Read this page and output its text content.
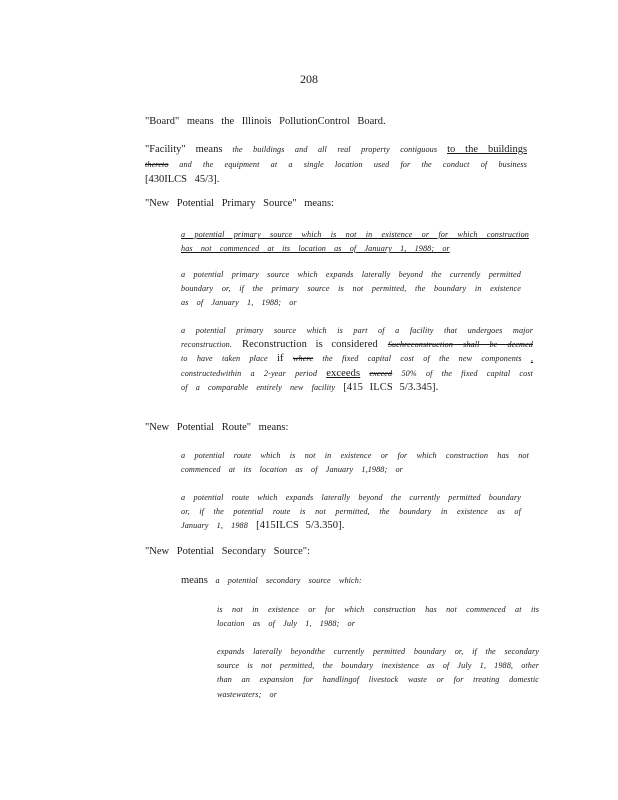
208
"Board" means the Illinois PollutionControl Board.
"Facility" means the buildings and all real property contiguous to the buildings thereto and the equipment at a single location used for the conduct of business [430ILCS 45/3].
"New Potential Primary Source" means:
a potential primary source which is not in existence or for which construction has not commenced at its location as of January 1, 1988; or
a potential primary source which expands laterally beyond the currently permitted boundary or, if the primary source is not permitted, the boundary in existence as of January 1, 1988; or
a potential primary source which is part of a facility that undergoes major reconstruction. Reconstruction is considered Suchreconstruction shall be deemed to have taken place if where the fixed capital cost of the new components , constructedwithin a 2-year period exceeds exceed 50% of the fixed capital cost of a comparable entirely new facility [415 ILCS 5/3.345].
"New Potential Route" means:
a potential route which is not in existence or for which construction has not commenced at its location as of January 1,1988; or
a potential route which expands laterally beyond the currently permitted boundary or, if the potential route is not permitted, the boundary in existence as of January 1, 1988 [415ILCS 5/3.350].
"New Potential Secondary Source":
means a potential secondary source which:
is not in existence or for which construction has not commenced at its location as of July 1, 1988; or
expands laterally beyondthe currently permitted boundary or, if the secondary source is not permitted, the boundary inexistence as of July 1, 1988, other than an expansion for handlingof livestock waste or for treating domestic wastewaters; or
